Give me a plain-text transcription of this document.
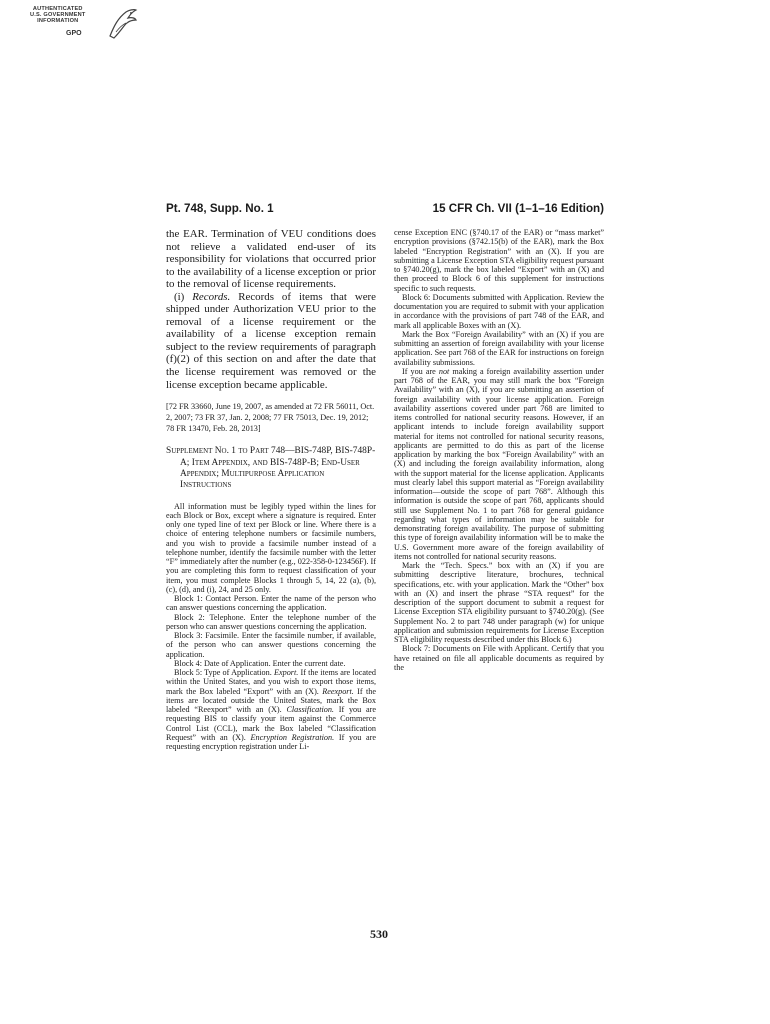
AUTHENTICATED
U.S. GOVERNMENT
INFORMATION
GPO
Pt. 748, Supp. No. 1	15 CFR Ch. VII (1–1–16 Edition)

the EAR. Termination of VEU conditions does not relieve a validated end-user of its responsibility for violations that occurred prior to the availability of a license exception or prior to the removal of license requirements.

(i) Records. Records of items that were shipped under Authorization VEU prior to the removal of a license requirement or the availability of a license exception remain subject to the review requirements of paragraph (f)(2) of this section on and after the date that the license requirement was removed or the license exception became applicable.

[72 FR 33660, June 19, 2007, as amended at 72 FR 56011, Oct. 2, 2007; 73 FR 37, Jan. 2, 2008; 77 FR 75013, Dec. 19, 2012; 78 FR 13470, Feb. 28, 2013]

Supplement No. 1 to Part 748—BIS-748P, BIS-748P-A; Item Appendix, and BIS-748P-B; End-User Appendix; Multipurpose Application Instructions

All information must be legibly typed within the lines for each Block or Box, except where a signature is required. Enter only one typed line of text per Block or line. Where there is a choice of entering telephone numbers or facsimile numbers, and you wish to provide a facsimile number instead of a telephone number, identify the facsimile number with the letter “F” immediately after the number (e.g., 022-358-0-123456F). If you are completing this form to request classification of your item, you must complete Blocks 1 through 5, 14, 22 (a), (b), (c), (d), and (i), 24, and 25 only.

Block 1: Contact Person. Enter the name of the person who can answer questions concerning the application.

Block 2: Telephone. Enter the telephone number of the person who can answer questions concerning the application.

Block 3: Facsimile. Enter the facsimile number, if available, of the person who can answer questions concerning the application.

Block 4: Date of Application. Enter the current date.

Block 5: Type of Application. Export. If the items are located within the United States, and you wish to export those items, mark the Box labeled “Export” with an (X). Reexport. If the items are located outside the United States, mark the Box labeled “Reexport” with an (X). Classification. If you are requesting BIS to classify your item against the Commerce Control List (CCL), mark the Box labeled “Classification Request” with an (X). Encryption Registration. If you are requesting encryption registration under Li-

cense Exception ENC (§740.17 of the EAR) or “mass market” encryption provisions (§742.15(b) of the EAR), mark the Box labeled “Encryption Registration” with an (X). If you are submitting a License Exception STA eligibility request pursuant to §740.20(g), mark the box labeled “Export” with an (X) and then proceed to Block 6 of this supplement for instructions specific to such requests.

Block 6: Documents submitted with Application. Review the documentation you are required to submit with your application in accordance with the provisions of part 748 of the EAR, and mark all applicable Boxes with an (X).

Mark the Box “Foreign Availability” with an (X) if you are submitting an assertion of foreign availability with your license application. See part 768 of the EAR for instructions on foreign availability submissions.

If you are not making a foreign availability assertion under part 768 of the EAR, you may still mark the box “Foreign Availability” with an (X), if you are submitting an assertion of foreign availability with your license application. Foreign availability assertions covered under part 768 are limited to items controlled for national security reasons. However, if an applicant intends to include foreign availability support material for items not controlled for national security reasons, applicants are permitted to do this as part of the license application by marking the box “Foreign Availability” with an (X) and including the foreign availability information, along with the support material for the license application. Applicants must clearly label this support material as “Foreign availability information—outside the scope of part 768”. Although this information is outside the scope of part 768, applicants should still use Supplement No. 1 to part 768 for general guidance regarding what types of information may be suitable for demonstrating foreign availability. The purpose of submitting this type of foreign availability information will be to make the U.S. Government more aware of the foreign availability of items not controlled for national security reasons.

Mark the “Tech. Specs.” box with an (X) if you are submitting descriptive literature, brochures, technical specifications, etc. with your application. Mark the “Other” box with an (X) and insert the phrase “STA request” for the description of the support document to submit a request for License Exception STA eligibility pursuant to §740.20(g). (See Supplement No. 2 to part 748 under paragraph (w) for unique application and submission requirements for License Exception STA eligibility requests described under this Block 6.)

Block 7: Documents on File with Applicant. Certify that you have retained on file all applicable documents as required by the

530
